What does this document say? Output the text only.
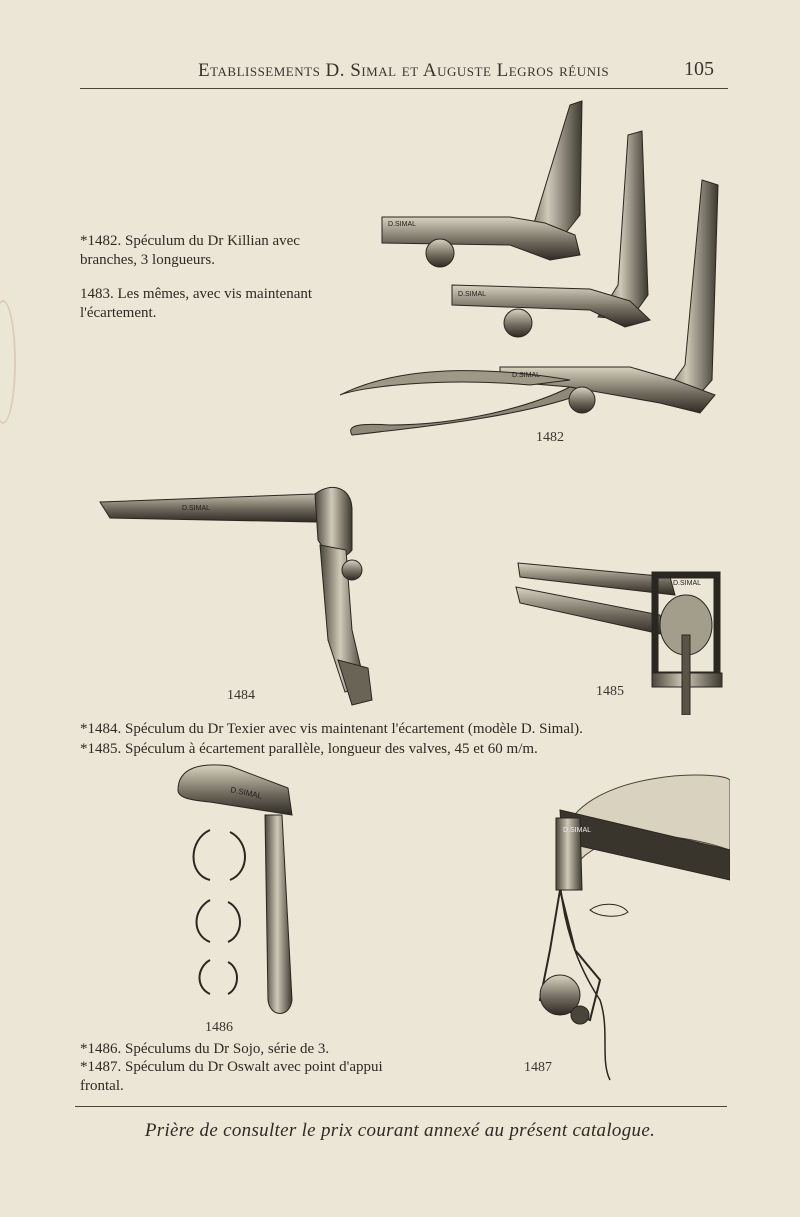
Etablissements D. Simal et Auguste Legros réunis	105
*1482. Spéculum du Dr Killian avec branches, 3 longueurs.
1483. Les mêmes, avec vis maintenant l'écartement.
D.SIMAL
D.SIMAL
D.SIMAL
1482
D.SIMAL
1484
D.SIMAL
1485
*1484. Spéculum du Dr Texier avec vis maintenant l'écartement (modèle D. Simal).
*1485. Spéculum à écartement parallèle, longueur des valves, 45 et 60 m/m.
D.SIMAL
1486
D.SIMAL
1487
*1486. Spéculums du Dr Sojo, série de 3.
*1487. Spéculum du Dr Oswalt avec point d'appui frontal.
Prière de consulter le prix courant annexé au présent catalogue.
